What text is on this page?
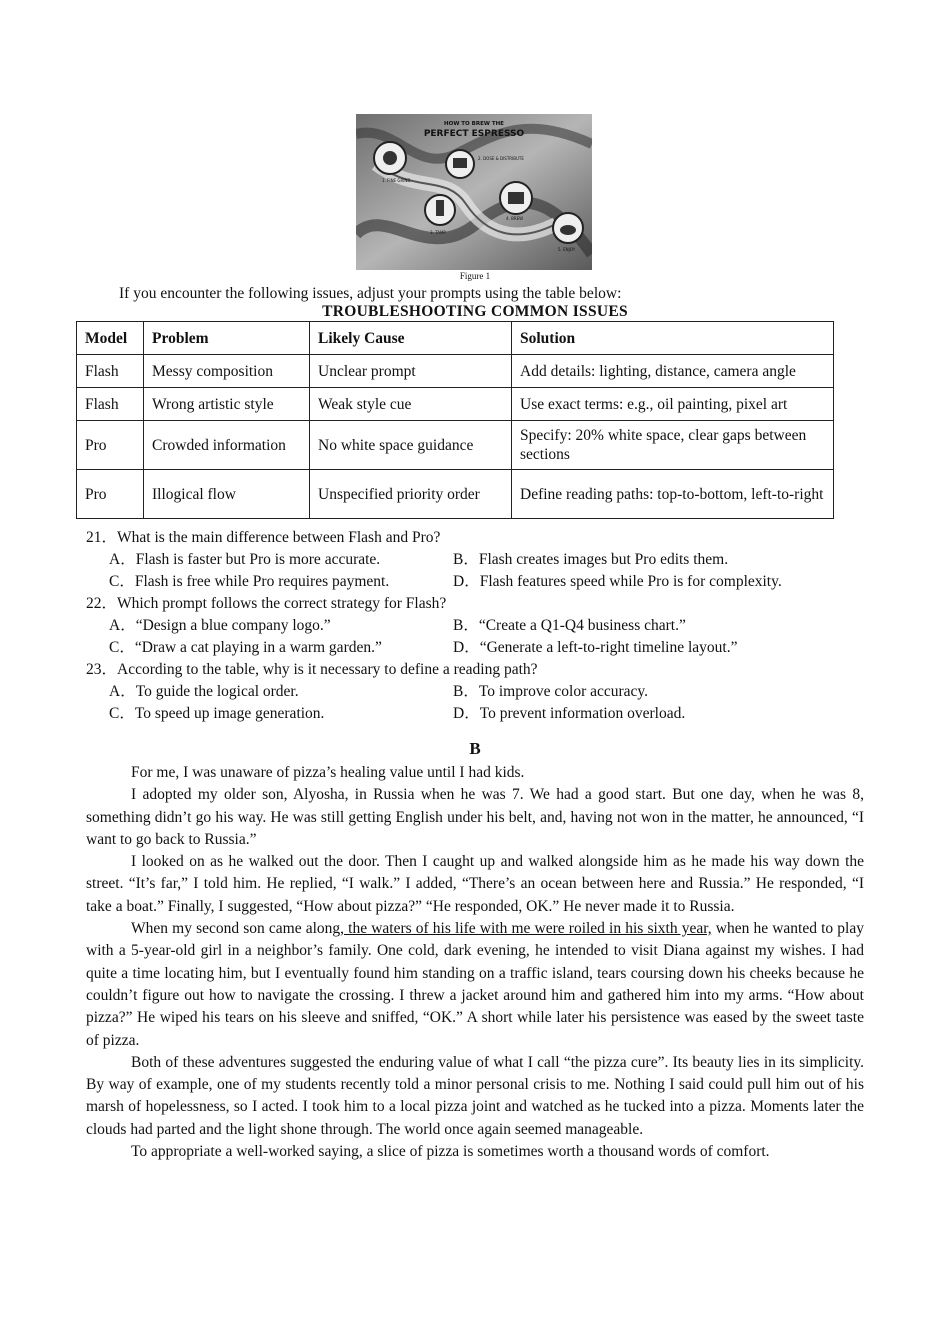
HOW TO BREW THE
PERFECT ESPRESSO
1. FINE GRIND
2. DOSE & DISTRIBUTE
3. TAMP
4. BREW
5. ENJOY
Figure 1
If you encounter the following issues, adjust your prompts using the table below:
TROUBLESHOOTING COMMON ISSUES
Model	Problem	Likely Cause	Solution
Flash	Messy composition	Unclear prompt	Add details: lighting, distance, camera angle
Flash	Wrong artistic style	Weak style cue	Use exact terms: e.g., oil painting, pixel art
Pro	Crowded information	No white space guidance	Specify: 20% white space, clear gaps between sections
Pro	Illogical flow	Unspecified priority order	Define reading paths: top-to-bottom, left-to-right
21．What is the main difference between Flash and Pro?
A．Flash is faster but Pro is more accurate.	B．Flash creates images but Pro edits them.
C．Flash is free while Pro requires payment.	D．Flash features speed while Pro is for complexity.
22．Which prompt follows the correct strategy for Flash?
A．“Design a blue company logo.”	B．“Create a Q1-Q4 business chart.”
C．“Draw a cat playing in a warm garden.”	D．“Generate a left-to-right timeline layout.”
23．According to the table, why is it necessary to define a reading path?
A．To guide the logical order.	B．To improve color accuracy.
C．To speed up image generation.	D．To prevent information overload.
B

For me, I was unaware of pizza’s healing value until I had kids.

I adopted my older son, Alyosha, in Russia when he was 7. We had a good start. But one day, when he was 8, something didn’t go his way. He was still getting English under his belt, and, having not won in the matter, he announced, “I want to go back to Russia.”

I looked on as he walked out the door. Then I caught up and walked alongside him as he made his way down the street. “It’s far,” I told him. He replied, “I walk.” I added, “There’s an ocean between here and Russia.” He responded, “I take a boat.” Finally, I suggested, “How about pizza?” “He responded, OK.” He never made it to Russia.

When my second son came along, the waters of his life with me were roiled in his sixth year, when he wanted to play with a 5-year-old girl in a neighbor’s family. One cold, dark evening, he intended to visit Diana against my wishes. I had quite a time locating him, but I eventually found him standing on a traffic island, tears coursing down his cheeks because he couldn’t figure out how to navigate the crossing. I threw a jacket around him and gathered him into my arms. “How about pizza?” He wiped his tears on his sleeve and sniffed, “OK.” A short while later his persistence was eased by the sweet taste of pizza.

Both of these adventures suggested the enduring value of what I call “the pizza cure”. Its beauty lies in its simplicity. By way of example, one of my students recently told a minor personal crisis to me. Nothing I said could pull him out of his marsh of hopelessness, so I acted. I took him to a local pizza joint and watched as he tucked into a pizza. Moments later the clouds had parted and the light shone through. The world once again seemed manageable.

To appropriate a well-worked saying, a slice of pizza is sometimes worth a thousand words of comfort.
